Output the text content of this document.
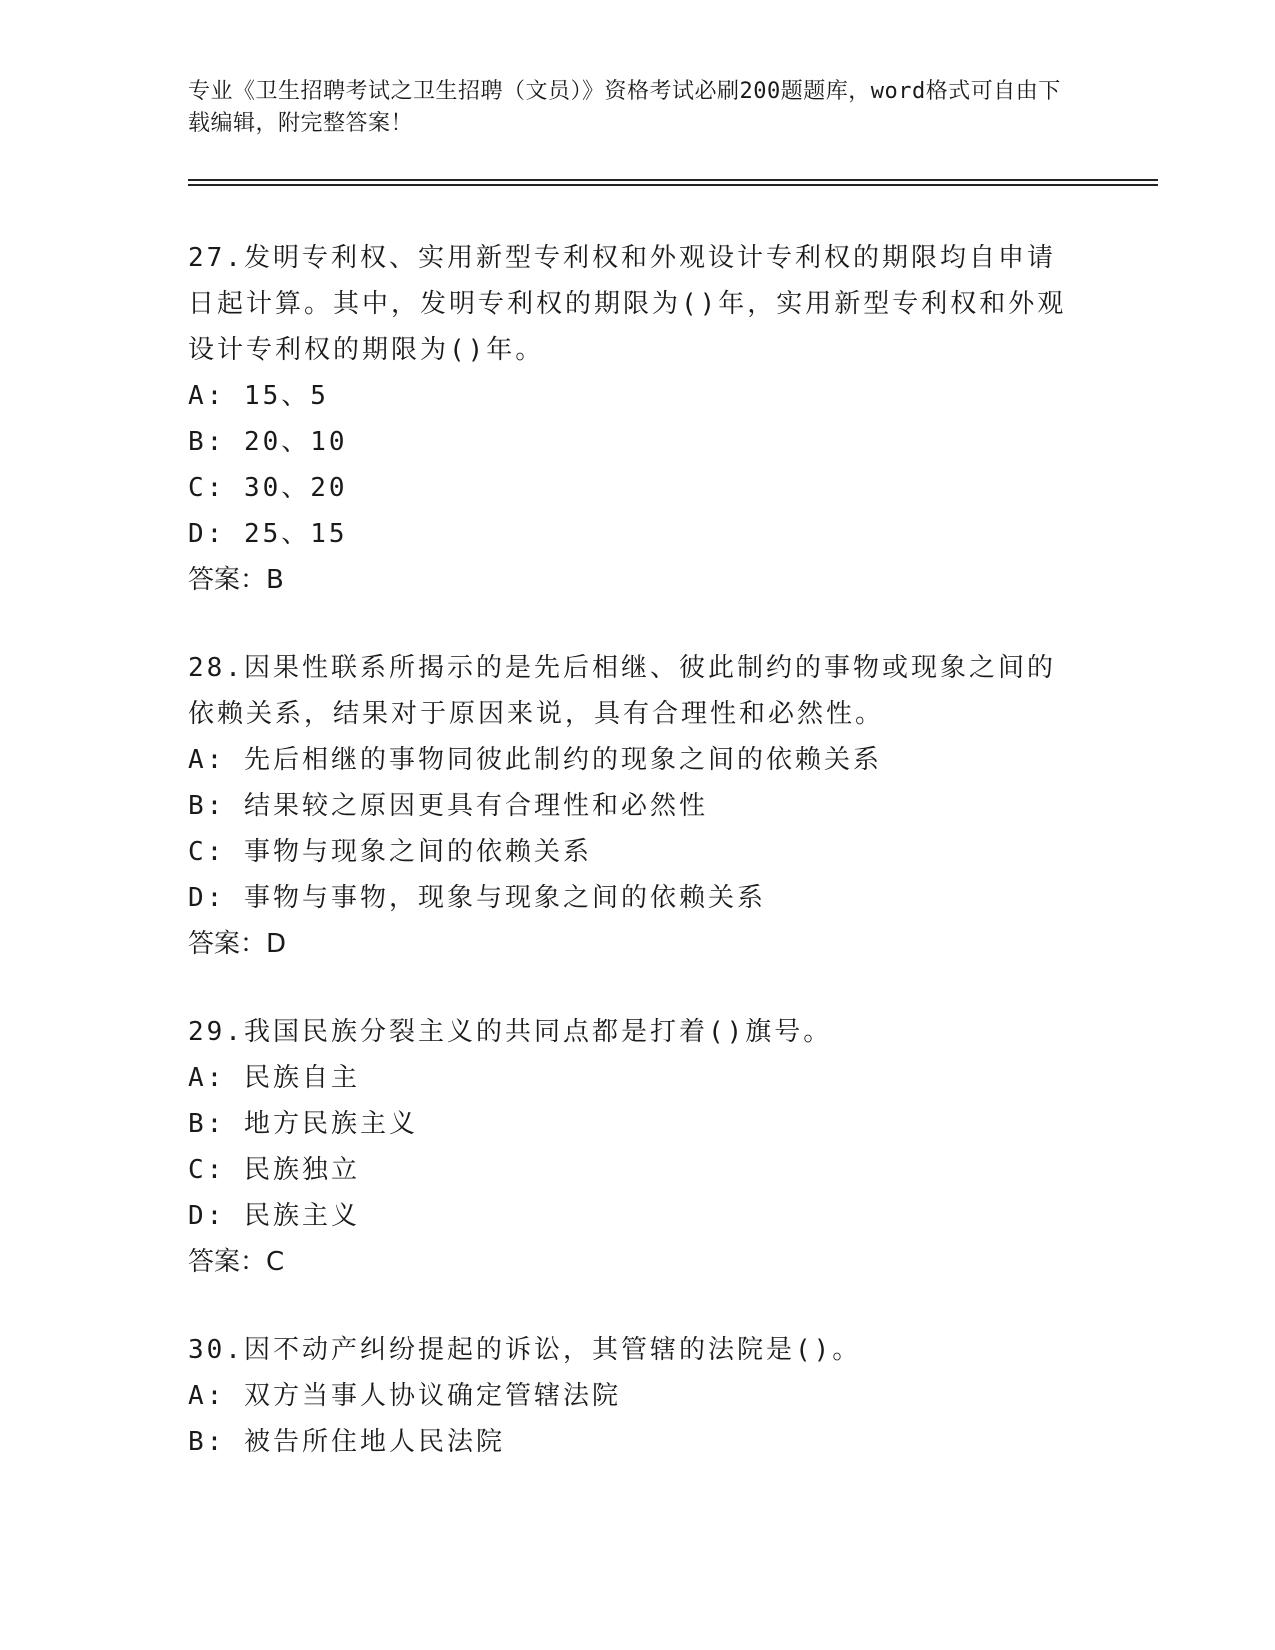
专业《卫生招聘考试之卫生招聘（文员）》资格考试必刷200题题库，word格式可自由下载编辑，附完整答案！
27.发明专利权、实用新型专利权和外观设计专利权的期限均自申请日起计算。其中，发明专利权的期限为()年，实用新型专利权和外观设计专利权的期限为()年。
A: 15、5
B: 20、10
C: 30、20
D: 25、15
答案：B
28.因果性联系所揭示的是先后相继、彼此制约的事物或现象之间的依赖关系，结果对于原因来说，具有合理性和必然性。
A: 先后相继的事物同彼此制约的现象之间的依赖关系
B: 结果较之原因更具有合理性和必然性
C: 事物与现象之间的依赖关系
D: 事物与事物，现象与现象之间的依赖关系
答案：D
29.我国民族分裂主义的共同点都是打着()旗号。
A: 民族自主
B: 地方民族主义
C: 民族独立
D: 民族主义
答案：C
30.因不动产纠纷提起的诉讼，其管辖的法院是()。
A: 双方当事人协议确定管辖法院
B: 被告所住地人民法院
